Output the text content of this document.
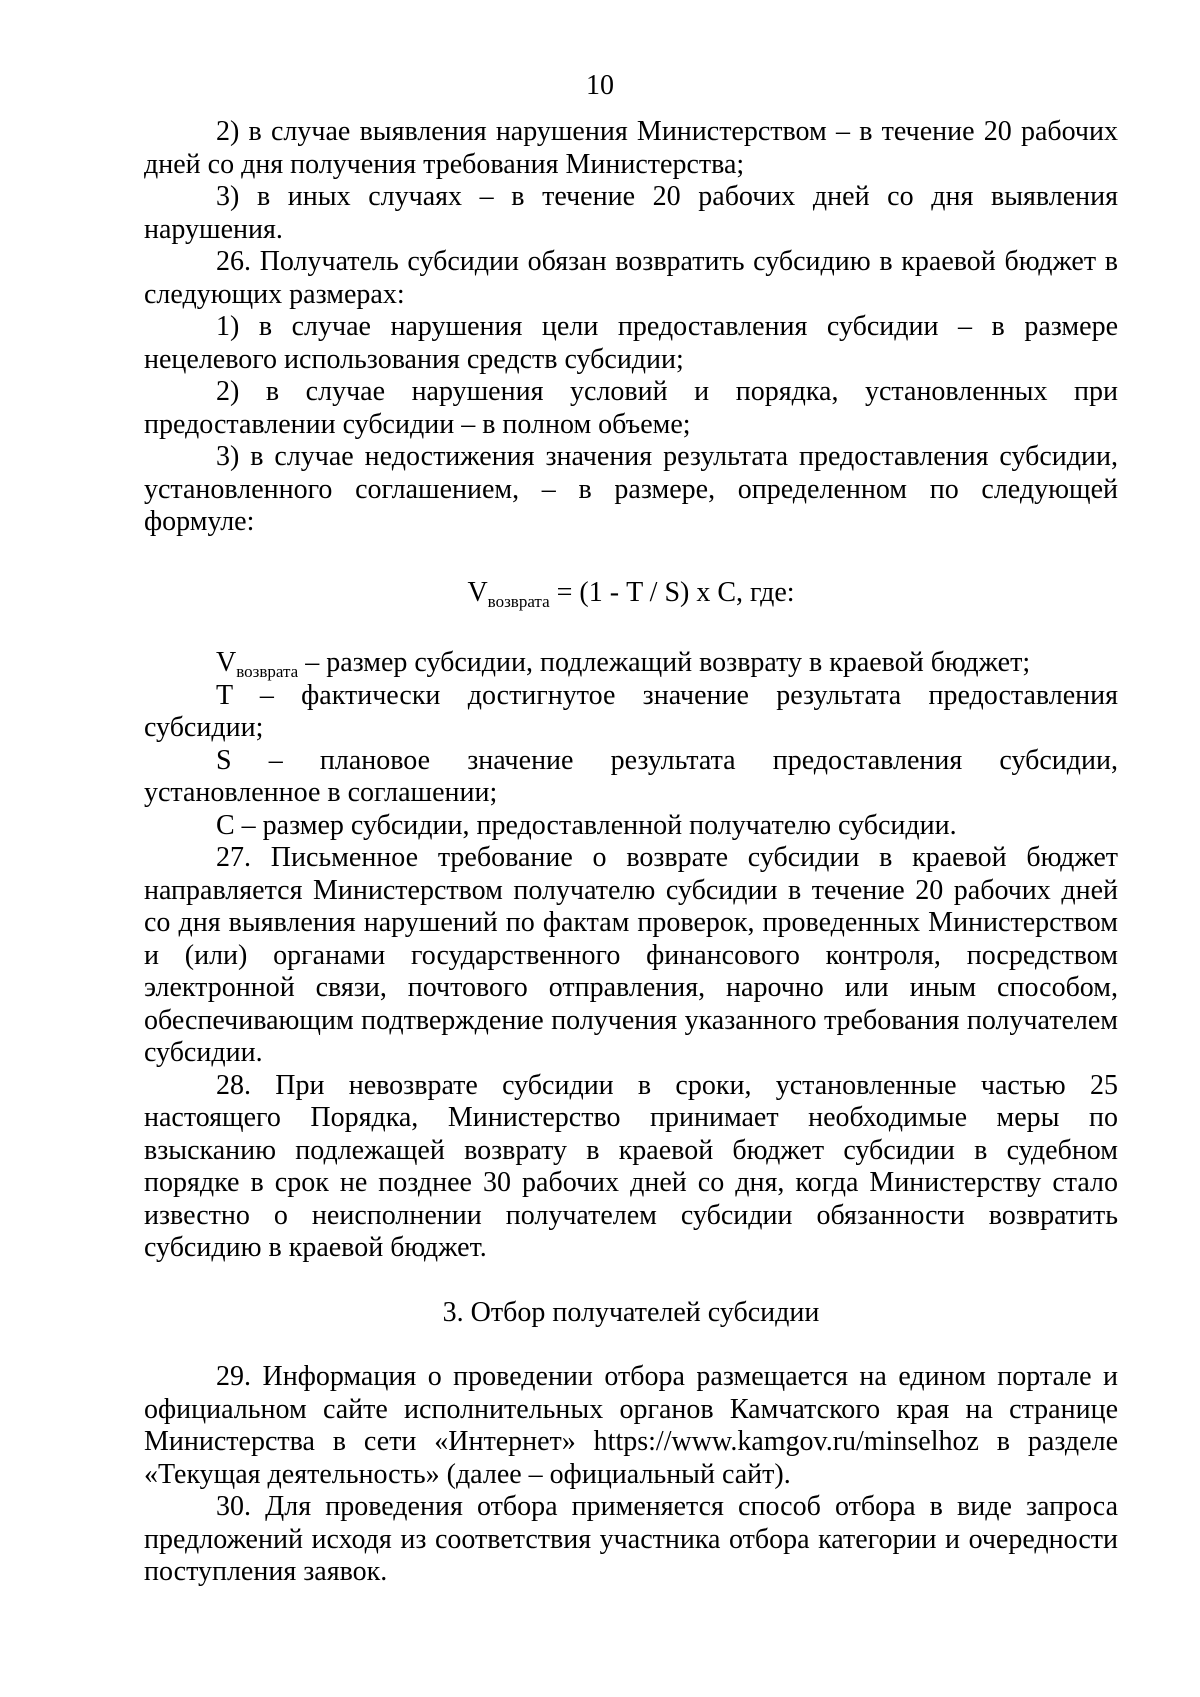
10

2) в случае выявления нарушения Министерством – в течение 20 рабочих дней со дня получения требования Министерства;

3) в иных случаях – в течение 20 рабочих дней со дня выявления нарушения.

26. Получатель субсидии обязан возвратить субсидию в краевой бюджет в следующих размерах:

1) в случае нарушения цели предоставления субсидии – в размере нецелевого использования средств субсидии;

2) в случае нарушения условий и порядка, установленных при предоставлении субсидии – в полном объеме;

3) в случае недостижения значения результата предоставления субсидии, установленного соглашением, – в размере, определенном по следующей формуле:

$V_{возврата} = (1 - T / S)$ x C, где:

$V_{возврата}$ – размер субсидии, подлежащий возврату в краевой бюджет;

T – фактически достигнутое значение результата предоставления субсидии;

S – плановое значение результата предоставления субсидии, установленное в соглашении;

C – размер субсидии, предоставленной получателю субсидии.

27. Письменное требование о возврате субсидии в краевой бюджет направляется Министерством получателю субсидии в течение 20 рабочих дней со дня выявления нарушений по фактам проверок, проведенных Министерством и (или) органами государственного финансового контроля, посредством электронной связи, почтового отправления, нарочно или иным способом, обеспечивающим подтверждение получения указанного требования получателем субсидии.

28. При невозврате субсидии в сроки, установленные частью 25 настоящего Порядка, Министерство принимает необходимые меры по взысканию подлежащей возврату в краевой бюджет субсидии в судебном порядке в срок не позднее 30 рабочих дней со дня, когда Министерству стало известно о неисполнении получателем субсидии обязанности возвратить субсидию в краевой бюджет.

3. Отбор получателей субсидии

29. Информация о проведении отбора размещается на едином портале и официальном сайте исполнительных органов Камчатского края на странице Министерства в сети «Интернет» https://www.kamgov.ru/minselhoz в разделе «Текущая деятельность» (далее – официальный сайт).

30. Для проведения отбора применяется способ отбора в виде запроса предложений исходя из соответствия участника отбора категории и очередности поступления заявок.
